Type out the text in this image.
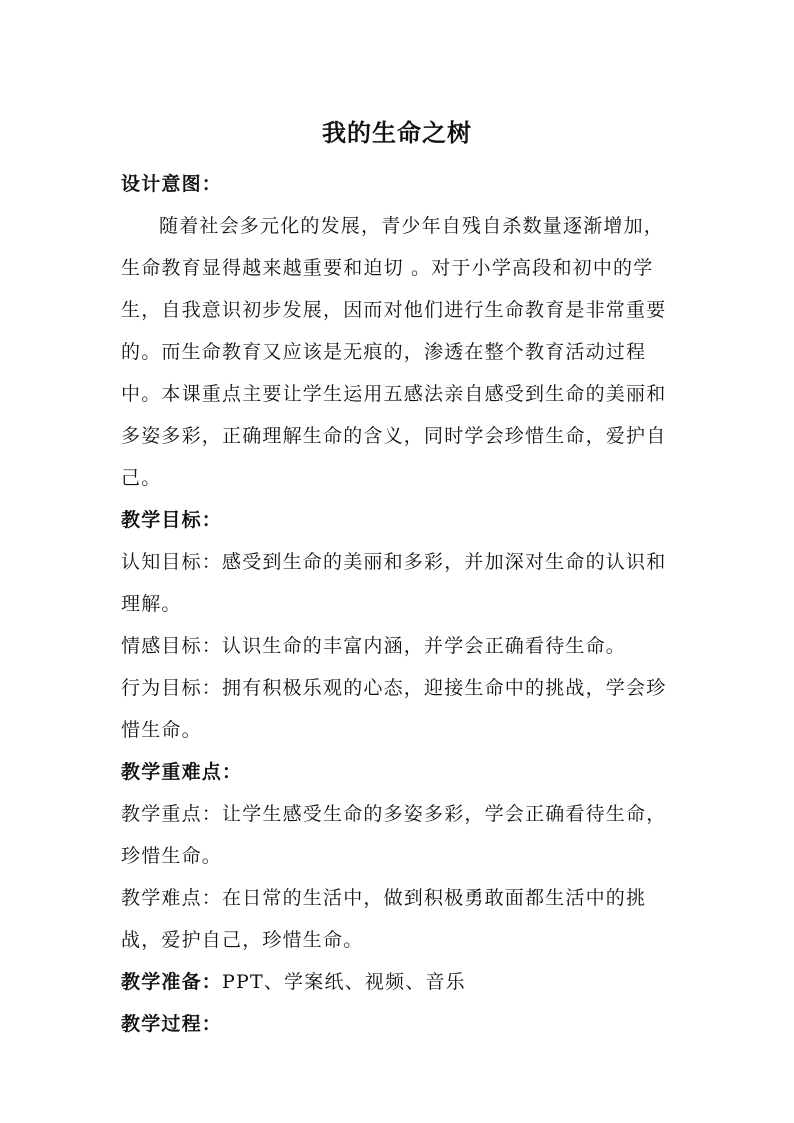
我的生命之树
设计意图：

随着社会多元化的发展，青少年自残自杀数量逐渐增加，生命教育显得越来越重要和迫切 。对于小学高段和初中的学生，自我意识初步发展，因而对他们进行生命教育是非常重要的。而生命教育又应该是无痕的，渗透在整个教育活动过程中。本课重点主要让学生运用五感法亲自感受到生命的美丽和多姿多彩，正确理解生命的含义，同时学会珍惜生命，爱护自己。

教学目标：

认知目标：感受到生命的美丽和多彩，并加深对生命的认识和理解。

情感目标：认识生命的丰富内涵，并学会正确看待生命。

行为目标：拥有积极乐观的心态，迎接生命中的挑战，学会珍惜生命。

教学重难点：

教学重点：让学生感受生命的多姿多彩，学会正确看待生命，珍惜生命。

教学难点：在日常的生活中，做到积极勇敢面都生活中的挑战，爱护自己，珍惜生命。

教学准备：PPT、学案纸、视频、音乐

教学过程：
